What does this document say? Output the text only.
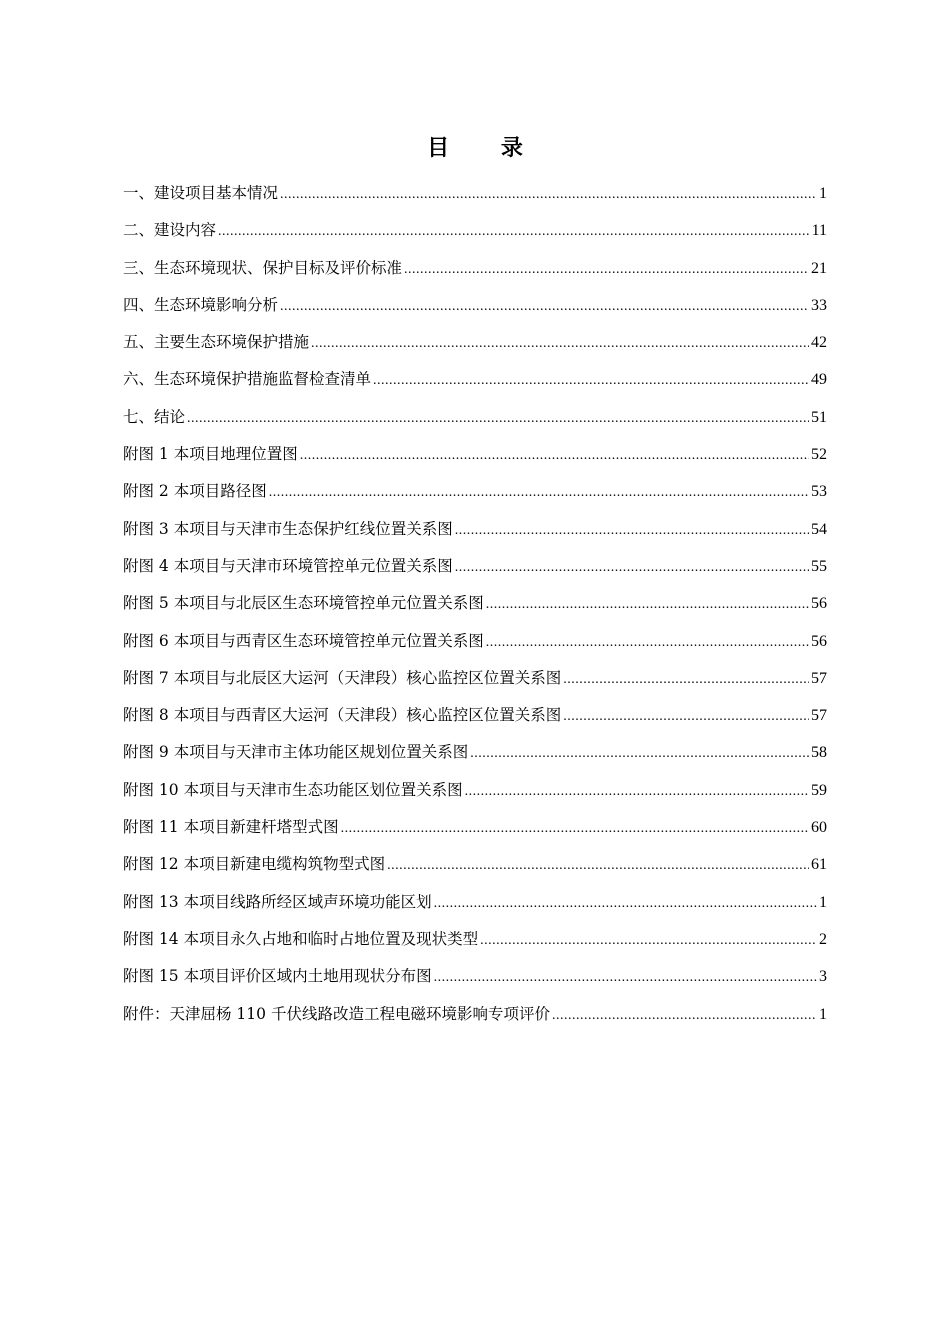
目 录
一、建设项目基本情况 .....	1
二、建设内容 .....	11
三、生态环境现状、保护目标及评价标准 .....	21
四、生态环境影响分析 .....	33
五、主要生态环境保护措施 .....	42
六、生态环境保护措施监督检查清单 .....	49
七、结论 .....	51
附图 1 本项目地理位置图 .....	52
附图 2 本项目路径图 .....	53
附图 3 本项目与天津市生态保护红线位置关系图 .....	54
附图 4 本项目与天津市环境管控单元位置关系图 .....	55
附图 5 本项目与北辰区生态环境管控单元位置关系图 .....	56
附图 6 本项目与西青区生态环境管控单元位置关系图 .....	56
附图 7 本项目与北辰区大运河（天津段）核心监控区位置关系图 .....	57
附图 8 本项目与西青区大运河（天津段）核心监控区位置关系图 .....	57
附图 9 本项目与天津市主体功能区规划位置关系图 .....	58
附图 10 本项目与天津市生态功能区划位置关系图 .....	59
附图 11 本项目新建杆塔型式图 .....	60
附图 12 本项目新建电缆构筑物型式图 .....	61
附图 13 本项目线路所经区域声环境功能区划 .....	1
附图 14 本项目永久占地和临时占地位置及现状类型 .....	2
附图 15 本项目评价区域内土地用现状分布图 .....	3
附件：天津屈杨 110 千伏线路改造工程电磁环境影响专项评价 .....	1
